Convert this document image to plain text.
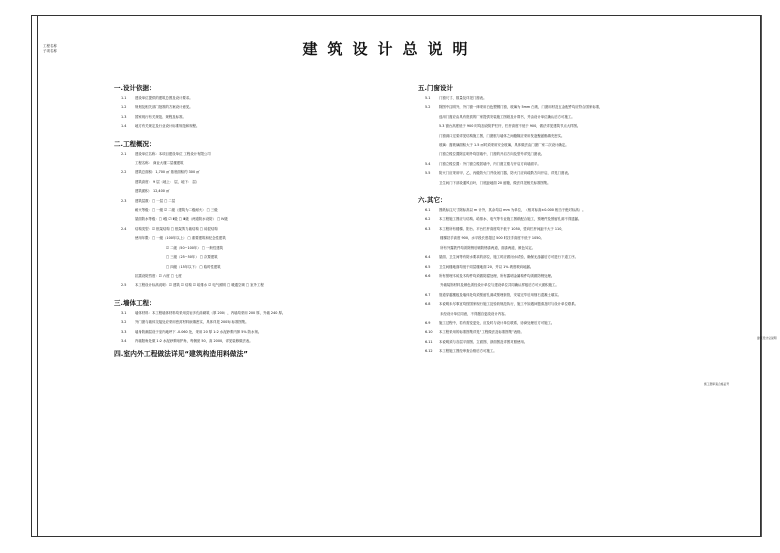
工程名称
子项名称	建筑设计总说明
一.设计依据：
1.1	建设单位提供的建筑总图及设计要求。
1.2	规划及相关部门批准的方案设计意见。
1.3	国家现行有关规范、规程及标准。
1.4	地方有关规定及行业设计标准规范和规程。
二.工程概况：
2.1	建设单位名称：本项目建设单位 工程设计有限公司
工程名称： 商业大楼二层楼建筑
2.2	建筑总面积：1,700 ㎡ 基底面积约 300 ㎡
建筑高度： 9 层（地上： 层，地下： 层）
建筑面积： 12,400 ㎡
2.3	建筑层数：□ 一层 □ 二层
耐火等级：□ 一级 ☑ 二级（建筑为二级耐火） □ 三级
屋面防水等级：□ Ⅰ级 ☑ Ⅱ级 □ Ⅲ级（两道防水设防） □ Ⅳ级
2.4	结构类型：☑ 框架结构 □ 框架剪力墙结构 □ 砖混结构
使用年限：□ 一级（100年以上） □ 重要建筑和纪念性建筑
☑ 二级（50~100年） □ 一般性建筑
□ 三级（25~50年） □ 次要建筑
□ 四级（15年以下） □ 临时性建筑
抗震设防烈度：☑ 六度 □ 七度
2.5	本工程设计标高说明：☑ 建筑 ☑ 结构 ☑ 给排水 ☑ 电气照明 □ 暖通空调 □ 室外工程
三.墙体工程：
3.1	墙体材料：本工程墙体材料均采用页岩多孔砖砌筑（厚 200），内墙均采用 200 厚，外墙 240 厚。
3.2	外门窗与墙体交接处应采用密封材料嵌填密实，具体详见 2005J 标准图集。
3.3	墙身防潮层设于室内地坪下 -0.060 处，采用 20 厚 1:2 水泥砂浆内掺 5% 防水剂。
3.4	内墙阳角处做 1:2 水泥砂浆暗护角，每侧宽 50，高 2000，详见装修做法表。
四.室内外工程做法详见“建筑构造用料做法”
五.门窗设计
5.1	门窗尺寸、数量及详见门窗表。
5.2	除图中注明外，外门窗一律采用白色塑钢门窗，玻璃为 5mm 白玻，门窗用材及五金配件均应符合国家标准，
选用门窗应由具有资质的厂家提供安装施工图纸及计算书，并由设计单位确认后方可施工。
5.3 窗台高度低于 900 时均加设防护栏杆，栏杆高度不低于 900，做法详见建筑节点大样图。
门窗洞口过梁详见结构施工图，门窗框与墙体之间缝隙应采用发泡聚氨酯填充密实。
玻璃：窗玻璃面积大于 1.5 ㎡时须采用安全玻璃，具体做法由门窗厂家二次设计确定。
门窗立樘位置除注明外均居墙中，门窗的开启方向及型号详见门窗表。
5.4	门窗立樘位置：外门窗立樘居墙中，内门窗立樘与开启方向墙面平。
5.5	防火门应采用甲、乙、丙级防火门并设闭门器，防火门应向疏散方向开启，详见门窗表。
卫生间门下部设通风百叶，门底距地面 20 留缝，做法详见相关标准图集。
六.其它：
6.1	图纸标注尺寸除标高以 m 计外，其余均以 mm 为单位，（相对标高±0.000 相当于绝对标高）。
6.2	本工程施工图应与结构、给排水、电气等专业施工图纸配合施工，预埋件及预留孔洞不得遗漏。
6.3	本工程所有楼梯、阳台、平台栏杆高度均不低于 1050，竖向栏杆间距不大于 110，
楼梯扶手高度 900，水平段长度超过 500 时扶手高度不低于 1050。
所有外露铁件均须除锈后刷防锈漆两道，面漆两道，颜色另定。
6.4	屋面、卫生间等有防水要求的部位，施工时应做闭水试验，确保无渗漏后方可进行下道工序。
6.5	卫生间楼地面均低于同层楼地面 20，并以 1% 坡度坡向地漏。
6.6	所有预埋木砖及木构件均须做防腐处理，所有露明金属构件均须做防锈处理。
外墙装饰材料及颜色须经设计单位与建设单位共同确认样板后方可大面积施工。
6.7	管道穿越楼板及墙体处均须预留孔洞或预埋套管，安装完毕后用细石混凝土填实。
6.8	本说明未尽事宜均按国家现行施工及验收规范执行，施工中如遇问题请及时与设计单位联系。
未经设计单位同意，不得擅自更改设计内容。
6.9	施工过程中，若有需变更处，应及时与设计单位联系，协商处理后方可施工。
6.10 本工程采用的标准图集详见“工程做法及标准图集”表格。
6.11 本说明须与各层平面图、立面图、剖面图及详图对照使用。
6.12 本工程施工图经审查合格后方可施工。
建筑设计总说明
施工图审查合格证号
